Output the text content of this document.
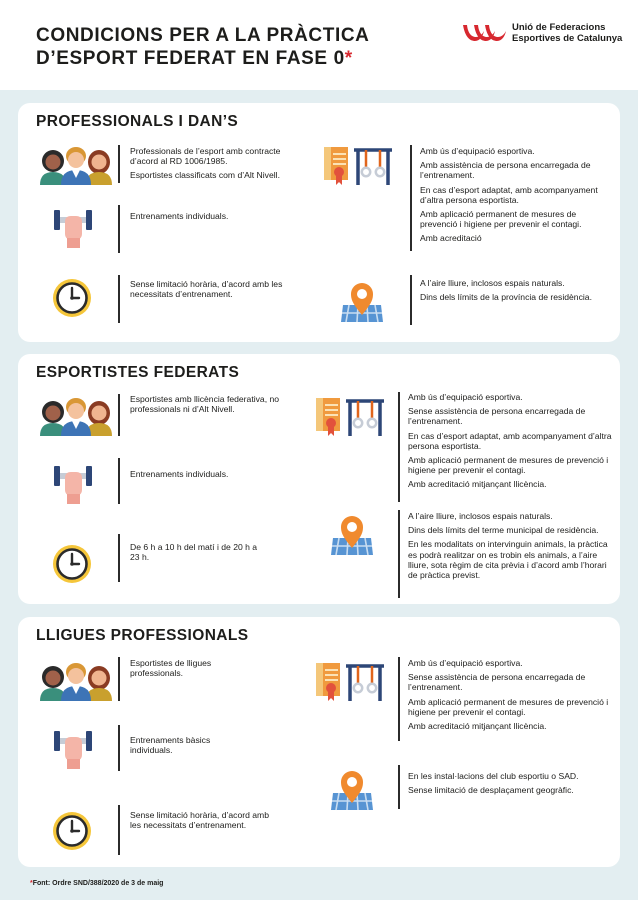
CONDICIONS PER A LA PRÀCTICA
D’ESPORT FEDERAT EN FASE 0*
Unió de Federacions
Esportives de Catalunya
PROFESSIONALS I DAN’S

Professionals de l’esport amb contracte d’acord al RD 1006/1985.

Esportistes classificats com d’Alt Nivell.

Entrenaments individuals.

Sense limitació horària, d’acord amb les necessitats d’entrenament.

Amb ús d’equipació esportiva.

Amb assistència de persona encarregada de l’entrenament.

En cas d’esport adaptat, amb acompanyament d’altra persona esportista.

Amb aplicació permanent de mesures de prevenció i higiene per prevenir el contagi.

Amb acreditació

A l’aire lliure, inclosos espais naturals.

Dins dels límits de la província de residència.

ESPORTISTES FEDERATS

Esportistes amb llicència federativa, no professionals ni d’Alt Nivell.

Entrenaments individuals.

De 6 h a 10 h del matí i de 20 h a 23 h.

Amb ús d’equipació esportiva.

Sense assistència de persona encarregada de l’entrenament.

En cas d’esport adaptat, amb acompanyament d’altra persona esportista.

Amb aplicació permanent de mesures de prevenció i higiene per prevenir el contagi.

Amb acreditació mitjançant llicència.

A l’aire lliure, inclosos espais naturals.

Dins dels límits del terme municipal de residència.

En les modalitats on intervinguin animals, la pràctica es podrà realitzar on es trobin els animals, a l’aire lliure, sota règim de cita prèvia i d’acord amb l’horari de pràctica previst.

LLIGUES PROFESSIONALS

Esportistes de lligues professionals.

Entrenaments bàsics individuals.

Sense limitació horària, d’acord amb les necessitats d’entrenament.

Amb ús d’equipació esportiva.

Sense assistència de persona encarregada de l’entrenament.

Amb aplicació permanent de mesures de prevenció i higiene per prevenir el contagi.

Amb acreditació mitjançant llicència.

En les instal·lacions del club esportiu o SAD.

Sense limitació de desplaçament geogràfic.

*Font: Ordre SND/388/2020 de 3 de maig
